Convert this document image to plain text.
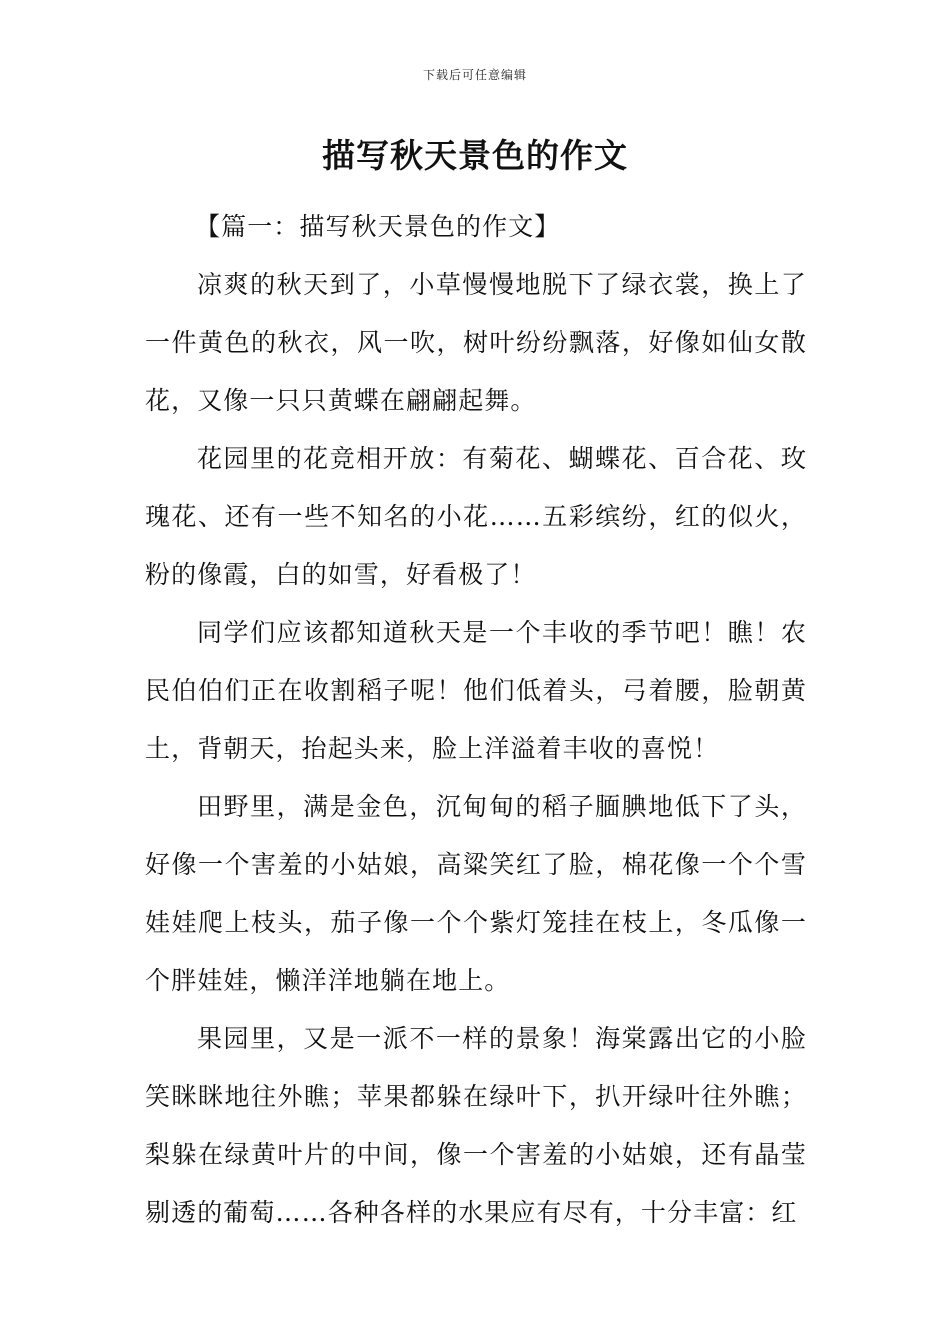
下载后可任意编辑
描写秋天景色的作文

【篇一：描写秋天景色的作文】

凉爽的秋天到了，小草慢慢地脱下了绿衣裳，换上了一件黄色的秋衣，风一吹，树叶纷纷飘落，好像如仙女散花，又像一只只黄蝶在翩翩起舞。

花园里的花竞相开放：有菊花、蝴蝶花、百合花、玫瑰花、还有一些不知名的小花……五彩缤纷，红的似火，粉的像霞，白的如雪，好看极了！

同学们应该都知道秋天是一个丰收的季节吧！瞧！农民伯伯们正在收割稻子呢！他们低着头，弓着腰，脸朝黄土，背朝天，抬起头来，脸上洋溢着丰收的喜悦！

田野里，满是金色，沉甸甸的稻子腼腆地低下了头，好像一个害羞的小姑娘，高粱笑红了脸，棉花像一个个雪娃娃爬上枝头，茄子像一个个紫灯笼挂在枝上，冬瓜像一个胖娃娃，懒洋洋地躺在地上。

果园里，又是一派不一样的景象！海棠露出它的小脸笑眯眯地往外瞧；苹果都躲在绿叶下，扒开绿叶往外瞧；梨躲在绿黄叶片的中间，像一个害羞的小姑娘，还有晶莹剔透的葡萄……各种各样的水果应有尽有，十分丰富：红
